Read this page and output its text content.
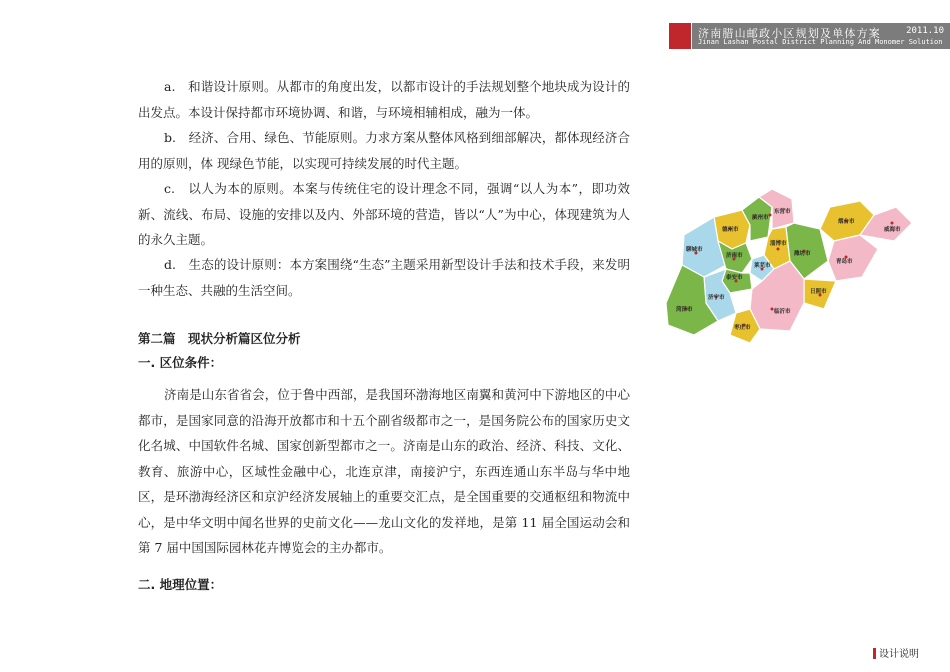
济南腊山邮政小区规划及单体方案	2011.10
Jinan Lashan Postal District Planning And Monomer Solution
a.　和谐设计原则。从都市的角度出发，以都市设计的手法规划整个地块成为设计的出发点。本设计保持都市环境协调、和谐，与环境相辅相成，融为一体。
b.　经济、合用、绿色、节能原则。力求方案从整体风格到细部解决，都体现经济合用的原则，体 现绿色节能，以实现可持续发展的时代主题。
c.　以人为本的原则。本案与传统住宅的设计理念不同，强调“以人为本”，即功效新、流线、布局、设施的安排以及内、外部环境的营造，皆以“人”为中心，体现建筑为人的永久主题。
d.　生态的设计原则：本方案围绕“生态”主题采用新型设计手法和技术手段，来发明一种生态、共融的生活空间。
第二篇　现状分析篇区位分析
一. 区位条件：
济南是山东省省会，位于鲁中西部，是我国环渤海地区南翼和黄河中下游地区的中心都市，是国家同意的沿海开放都市和十五个副省级都市之一，是国务院公布的国家历史文化名城、中国软件名城、国家创新型都市之一。济南是山东的政治、经济、科技、文化、教育、旅游中心，区域性金融中心，北连京津，南接沪宁，东西连通山东半岛与华中地区，是环渤海经济区和京沪经济发展轴上的重要交汇点，是全国重要的交通枢纽和物流中心，是中华文明中闻名世界的史前文化——龙山文化的发祥地，是第 11 届全国运动会和第 7 届中国国际园林花卉博览会的主办都市。
二. 地理位置：
东营市
滨州市
德州市
烟台市
威海市
淄博市
潍坊市
济南市
莱芜市
泰安市
聊城市
青岛市
日照市
济宁市
菏泽市	临沂市
枣庄市
设计说明
